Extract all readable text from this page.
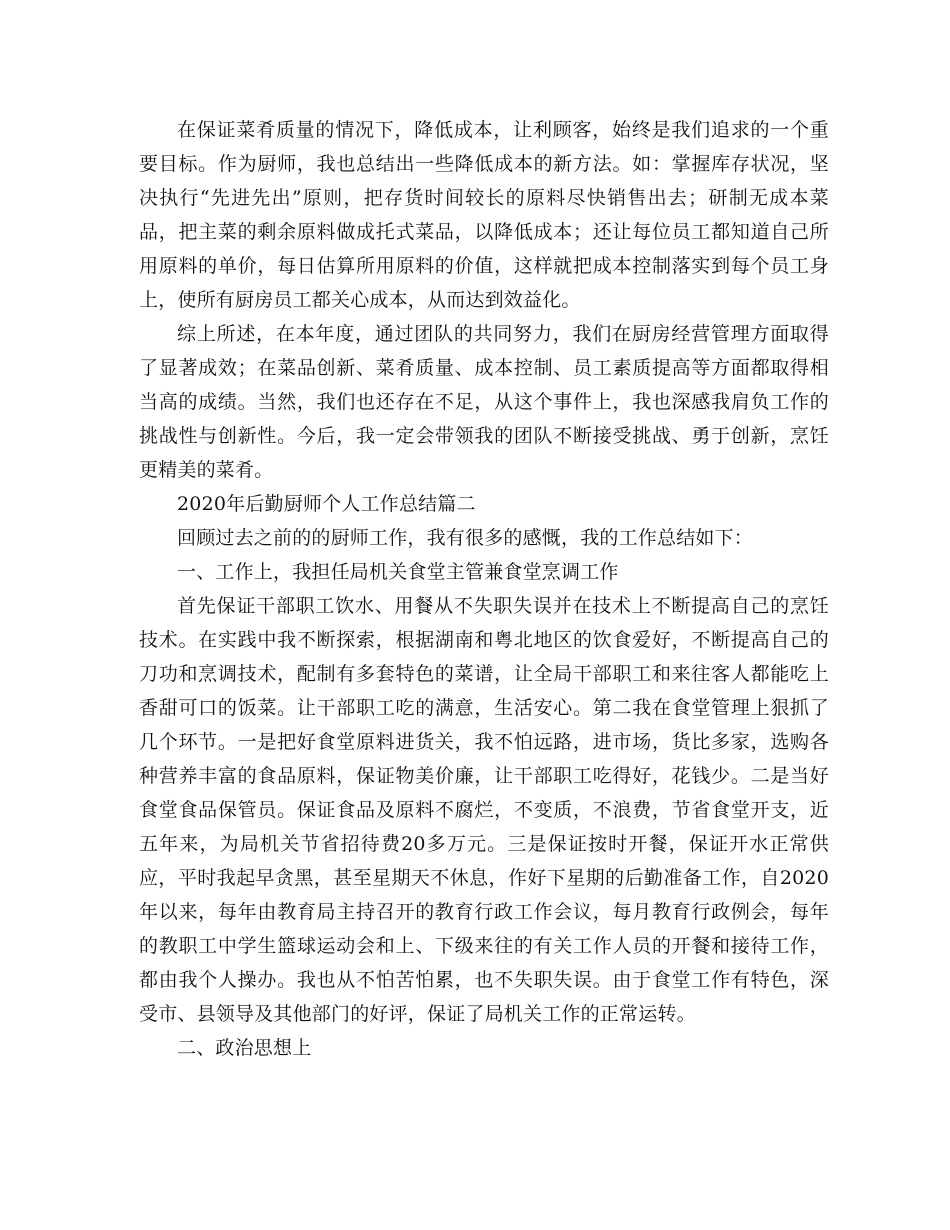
在保证菜肴质量的情况下，降低成本，让利顾客，始终是我们追求的一个重要目标。作为厨师，我也总结出一些降低成本的新方法。如：掌握库存状况，坚决执行“先进先出”原则，把存货时间较长的原料尽快销售出去；研制无成本菜品，把主菜的剩余原料做成托式菜品，以降低成本；还让每位员工都知道自己所用原料的单价，每日估算所用原料的价值，这样就把成本控制落实到每个员工身上，使所有厨房员工都关心成本，从而达到效益化。

综上所述，在本年度，通过团队的共同努力，我们在厨房经营管理方面取得了显著成效；在菜品创新、菜肴质量、成本控制、员工素质提高等方面都取得相当高的成绩。当然，我们也还存在不足，从这个事件上，我也深感我肩负工作的挑战性与创新性。今后，我一定会带领我的团队不断接受挑战、勇于创新，烹饪更精美的菜肴。

2020年后勤厨师个人工作总结篇二

回顾过去之前的的厨师工作，我有很多的感慨，我的工作总结如下：

一、工作上，我担任局机关食堂主管兼食堂烹调工作

首先保证干部职工饮水、用餐从不失职失误并在技术上不断提高自己的烹饪技术。在实践中我不断探索，根据湖南和粤北地区的饮食爱好，不断提高自己的刀功和烹调技术，配制有多套特色的菜谱，让全局干部职工和来往客人都能吃上香甜可口的饭菜。让干部职工吃的满意，生活安心。第二我在食堂管理上狠抓了几个环节。一是把好食堂原料进货关，我不怕远路，进市场，货比多家，选购各种营养丰富的食品原料，保证物美价廉，让干部职工吃得好，花钱少。二是当好食堂食品保管员。保证食品及原料不腐烂，不变质，不浪费，节省食堂开支，近五年来，为局机关节省招待费20多万元。三是保证按时开餐，保证开水正常供应，平时我起早贪黑，甚至星期天不休息，作好下星期的后勤准备工作，自2020年以来，每年由教育局主持召开的教育行政工作会议，每月教育行政例会，每年的教职工中学生篮球运动会和上、下级来往的有关工作人员的开餐和接待工作，都由我个人操办。我也从不怕苦怕累，也不失职失误。由于食堂工作有特色，深受市、县领导及其他部门的好评，保证了局机关工作的正常运转。

二、政治思想上
